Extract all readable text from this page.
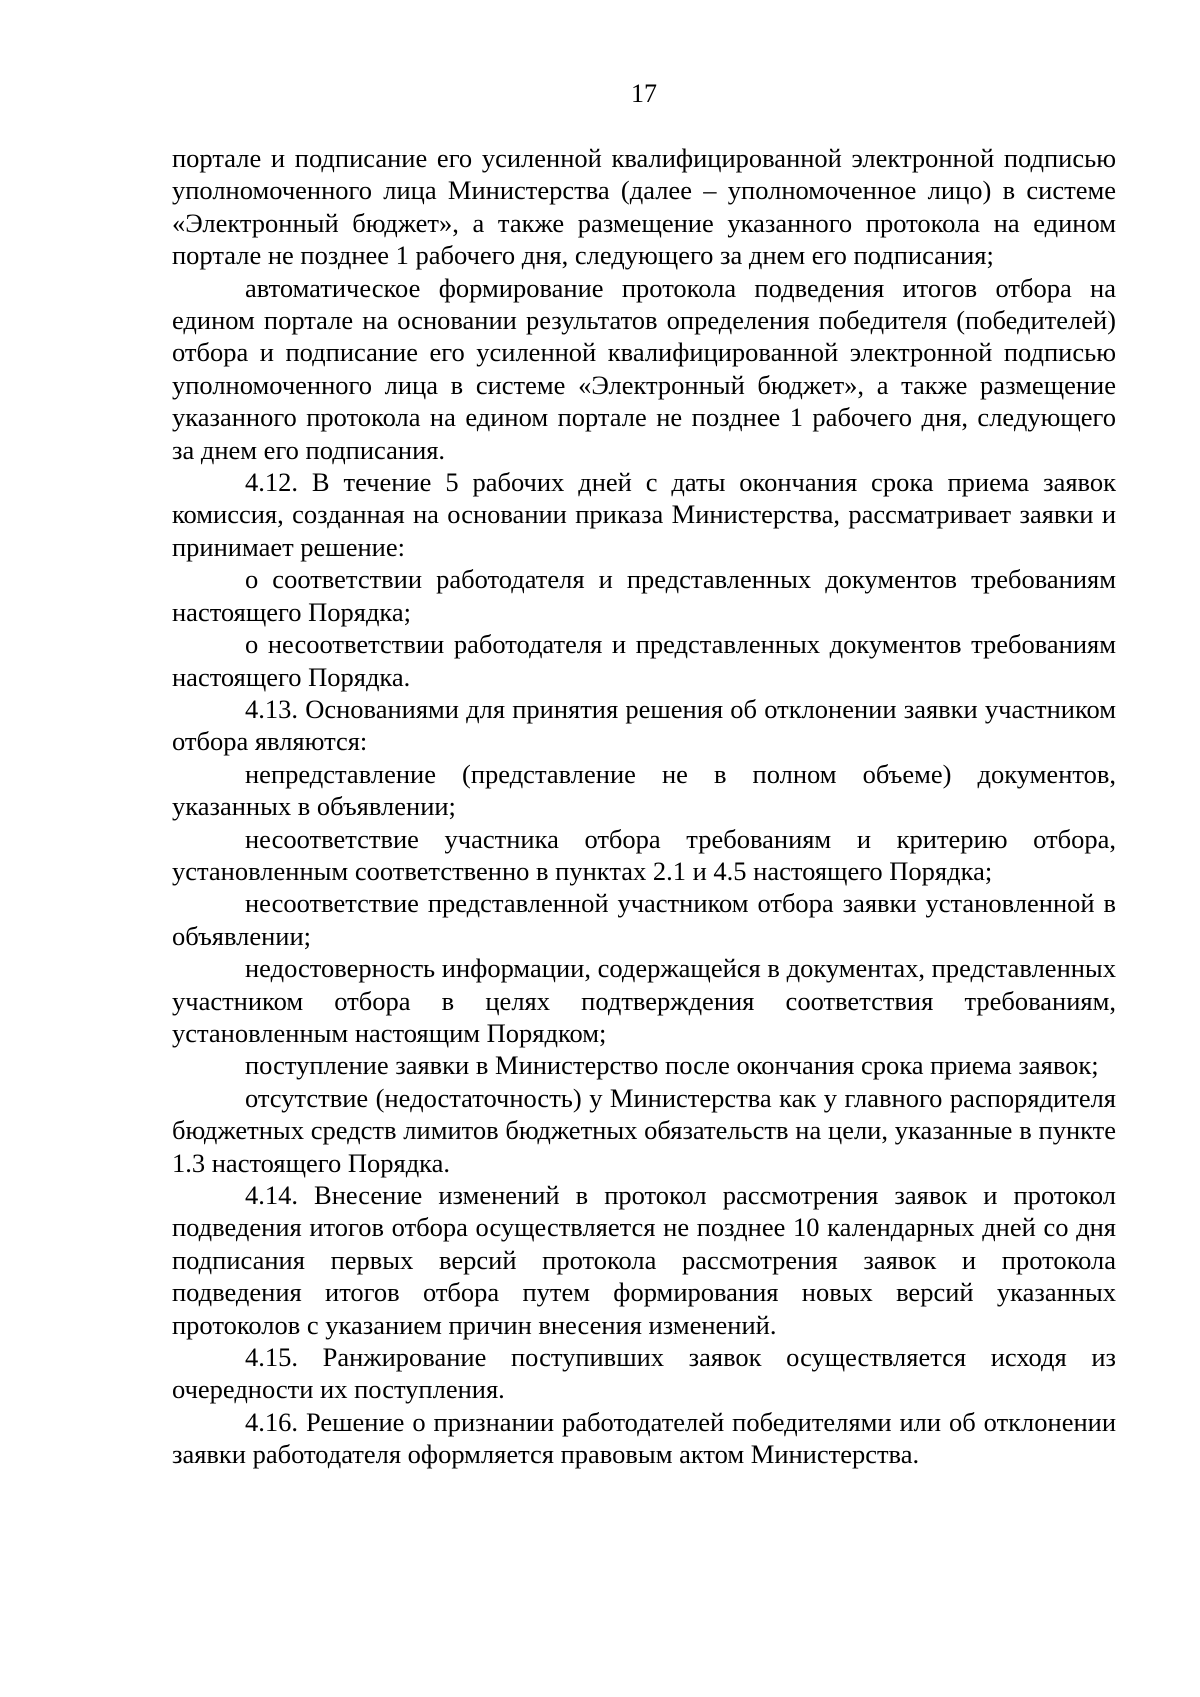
17

портале и подписание его усиленной квалифицированной электронной подписью уполномоченного лица Министерства (далее – уполномоченное лицо) в системе «Электронный бюджет», а также размещение указанного протокола на едином портале не позднее 1 рабочего дня, следующего за днем его подписания;

автоматическое формирование протокола подведения итогов отбора на едином портале на основании результатов определения победителя (победителей) отбора и подписание его усиленной квалифицированной электронной подписью уполномоченного лица в системе «Электронный бюджет», а также размещение указанного протокола на едином портале не позднее 1 рабочего дня, следующего за днем его подписания.

4.12. В течение 5 рабочих дней с даты окончания срока приема заявок комиссия, созданная на основании приказа Министерства, рассматривает заявки и принимает решение:

о соответствии работодателя и представленных документов требованиям настоящего Порядка;

о несоответствии работодателя и представленных документов требованиям настоящего Порядка.

4.13. Основаниями для принятия решения об отклонении заявки участником отбора являются:

непредставление (представление не в полном объеме) документов, указанных в объявлении;

несоответствие участника отбора требованиям и критерию отбора, установленным соответственно в пунктах 2.1 и 4.5 настоящего Порядка;

несоответствие представленной участником отбора заявки установленной в объявлении;

недостоверность информации, содержащейся в документах, представленных участником отбора в целях подтверждения соответствия требованиям, установленным настоящим Порядком;

поступление заявки в Министерство после окончания срока приема заявок;

отсутствие (недостаточность) у Министерства как у главного распорядителя бюджетных средств лимитов бюджетных обязательств на цели, указанные в пункте 1.3 настоящего Порядка.

4.14. Внесение изменений в протокол рассмотрения заявок и протокол подведения итогов отбора осуществляется не позднее 10 календарных дней со дня подписания первых версий протокола рассмотрения заявок и протокола подведения итогов отбора путем формирования новых версий указанных протоколов с указанием причин внесения изменений.

4.15. Ранжирование поступивших заявок осуществляется исходя из очередности их поступления.

4.16. Решение о признании работодателей победителями или об отклонении заявки работодателя оформляется правовым актом Министерства.
